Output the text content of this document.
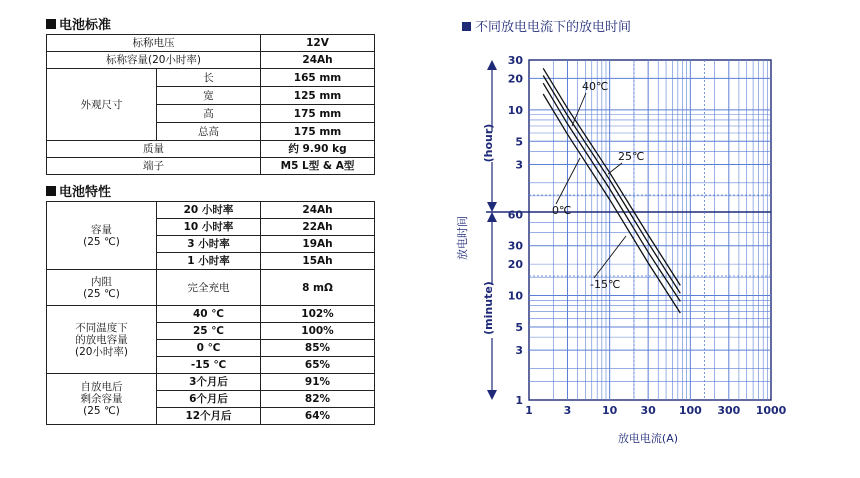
电池标准
标称电压		12V
标称容量(20小时率)		24Ah
外观尺寸	长	165 mm
	宽	125 mm
	高	175 mm
	总高	175 mm
质量		约 9.90 kg
端子		M5 L型 & A型
电池特性
容量
(25 ℃)	20 小时率	24Ah
	10 小时率	22Ah
	3 小时率	19Ah
	1 小时率	15Ah

内阻
(25 ℃)	完全充电	8 mΩ

不同温度下
的放电容量
(20小时率)	40 ℃	102%
	25 ℃	100%
	0 ℃	85%
	-15 ℃	65%

自放电后
剩余容量
(25 ℃)	3个月后	91%
	6个月后	82%
	12个月后	64%
不同放电电流下的放电时间
1	3	10 30 100 300 1000
30
20
10
5
3
60
30
20
10
5
3
1
(hour)
(minute)
放电时间
放电电流(A)
40℃
25℃
0℃
-15℃
